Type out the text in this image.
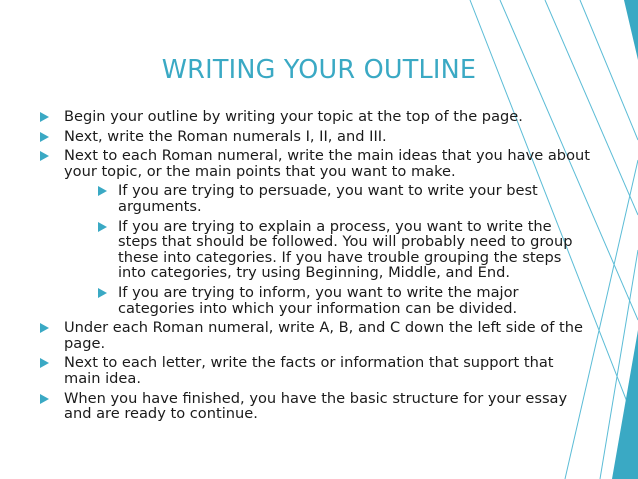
WRITING YOUR OUTLINE
Begin your outline by writing your topic at the top of the page.
Next, write the Roman numerals I, II, and III.
Next to each Roman numeral, write the main ideas that you have about your topic, or the main points that you want to make.
If you are trying to persuade, you want to write your best arguments.
If you are trying to explain a process, you want to write the steps that should be followed. You will probably need to group these into categories. If you have trouble grouping the steps into categories, try using Beginning, Middle, and End.
If you are trying to inform, you want to write the major categories into which your information can be divided.
Under each Roman numeral, write A, B, and C down the left side of the page.
Next to each letter, write the facts or information that support that main idea.
When you have finished, you have the basic structure for your essay and are ready to continue.
